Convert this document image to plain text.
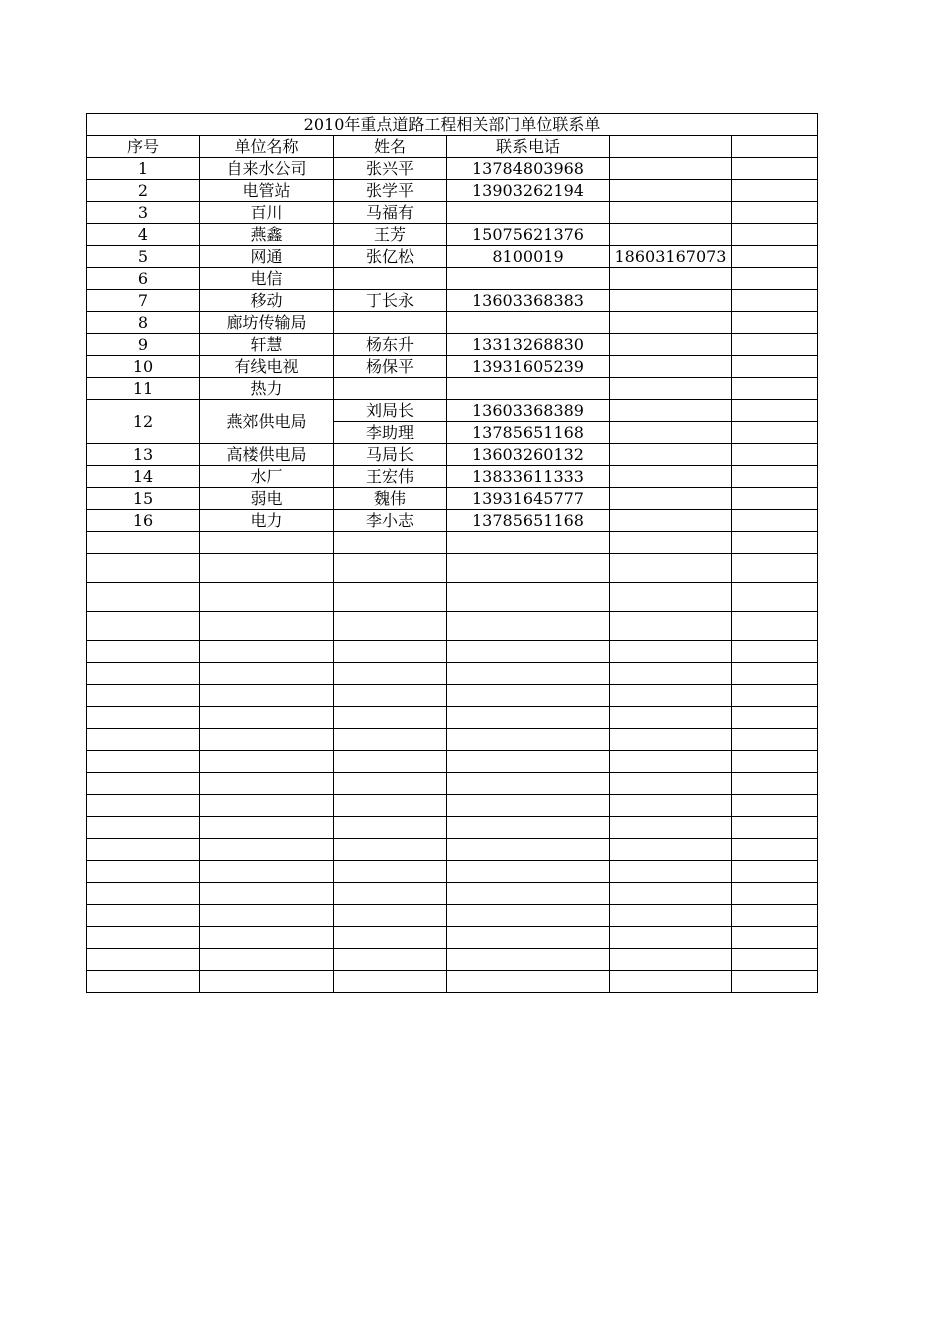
2010年重点道路工程相关部门单位联系单					
序号	单位名称	姓名	联系电话		
1	自来水公司	张兴平	13784803968		
2	电管站	张学平	13903262194		
3	百川	马福有			
4	燕鑫	王芳	15075621376		
5	网通	张亿松	8100019	18603167073	
6	电信				
7	移动	丁长永	13603368383		
8	廊坊传输局				
9	轩慧	杨东升	13313268830		
10	有线电视	杨保平	13931605239		
11	热力				
12	燕郊供电局	刘局长	13603368389		
		李助理	13785651168		
13	高楼供电局	马局长	13603260132		
14	水厂	王宏伟	13833611333		
15	弱电	魏伟	13931645777		
16	电力	李小志	13785651168		
